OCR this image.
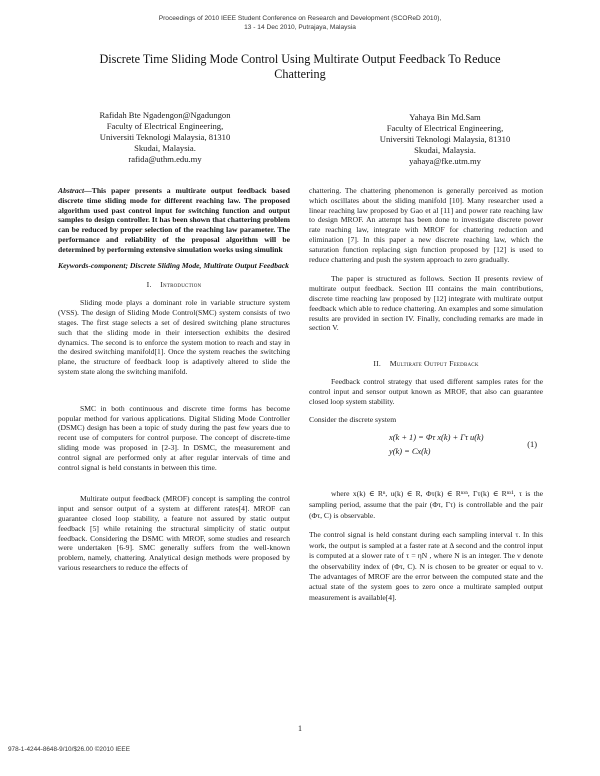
Proceedings of 2010 IEEE Student Conference on Research and Development (SCOReD 2010),
13 - 14 Dec 2010, Putrajaya, Malaysia
Discrete Time Sliding Mode Control Using Multirate Output Feedback To Reduce
Chattering
Rafidah Bte Ngadengon@Ngadungon
Faculty of Electrical Engineering,
Universiti Teknologi Malaysia, 81310
Skudai, Malaysia.
rafida@uthm.edu.my
Yahaya Bin Md.Sam
Faculty of Electrical Engineering,
Universiti Teknologi Malaysia, 81310
Skudai, Malaysia.
yahaya@fke.utm.my

Abstract—This paper presents a multirate output feedback based discrete time sliding mode for different reaching law. The proposed algorithm used past control input for switching function and output samples to design controller. It has been shown that chattering problem can be reduced by proper selection of the reaching law parameter. The performance and reliability of the proposal algorithm will be determined by performing extensive simulation works using simulink

Keywords-component; Discrete Sliding Mode, Multirate Output Feedback
I. Introduction

Sliding mode plays a dominant role in variable structure system (VSS). The design of Sliding Mode Control(SMC) system consists of two stages. The first stage selects a set of desired switching plane structures such that the sliding mode in their intersection exhibits the desired dynamics. The second is to enforce the system motion to reach and stay in the desired switching manifold[1]. Once the system reaches the switching plane, the structure of feedback loop is adaptively altered to slide the system state along the switching manifold.

SMC in both continuous and discrete time forms has become popular method for various applications. Digital Sliding Mode Controller (DSMC) design has been a topic of study during the past few years due to recent use of computers for control purpose. The concept of discrete-time sliding mode was proposed in [2-3]. In DSMC, the measurement and control signal are performed only at after regular intervals of time and control signal is held constants in between this time.

Multirate output feedback (MROF) concept is sampling the control input and sensor output of a system at different rates[4]. MROF can guarantee closed loop stability, a feature not assured by static output feedback [5] while retaining the structural simplicity of static output feedback. Considering the DSMC with MROF, some studies and research were undertaken [6-9]. SMC generally suffers from the well-known problem, namely, chattering. Analytical design methods were proposed by various researchers to reduce the effects of

chattering. The chattering phenomenon is generally perceived as motion which oscillates about the sliding manifold [10]. Many researcher used a linear reaching law proposed by Gao et al [11] and power rate reaching law to design MROF. An attempt has been done to investigate discrete power rate reaching law, integrate with MROF for chattering reduction and elimination [7]. In this paper a new discrete reaching law, which the saturation function replacing sign function proposed by [12] is used to reduce chattering and push the system approach to zero gradually.

The paper is structured as follows. Section II presents review of multirate output feedback. Section III contains the main contributions, discrete time reaching law proposed by [12] integrate with multirate output feedback which able to reduce chattering. An examples and some simulation results are provided in section IV. Finally, concluding remarks are made in section V.

II. Multirate Output Feedback

Feedback control strategy that used different samples rates for the control input and sensor output known as MROF, that also can guarantee closed loop system stability.

Consider the discrete system

x(k + 1) = Φτ x(k) + Γτ u(k)
y(k) = Cx(k)
(1)

where x(k) ∈ Rⁿ, u(k) ∈ R, Φτ(k) ∈ Rⁿˣⁿ, Γτ(k) ∈ Rⁿˣ¹, τ is the sampling period, assume that the pair (Φτ, Γτ) is controllable and the pair (Φτ, C) is observable.

The control signal is held constant during each sampling interval τ. In this work, the output is sampled at a faster rate at Δ second and the control input is computed at a slower rate of τ = ηN , where N is an integer. The ν denote the observability index of (Φτ, C). N is chosen to be greater or equal to ν. The advantages of MROF are the error between the computed state and the actual state of the system goes to zero once a multirate sampled output measurement is available[4].

1
978-1-4244-8648-9/10/$26.00 ©2010 IEEE
